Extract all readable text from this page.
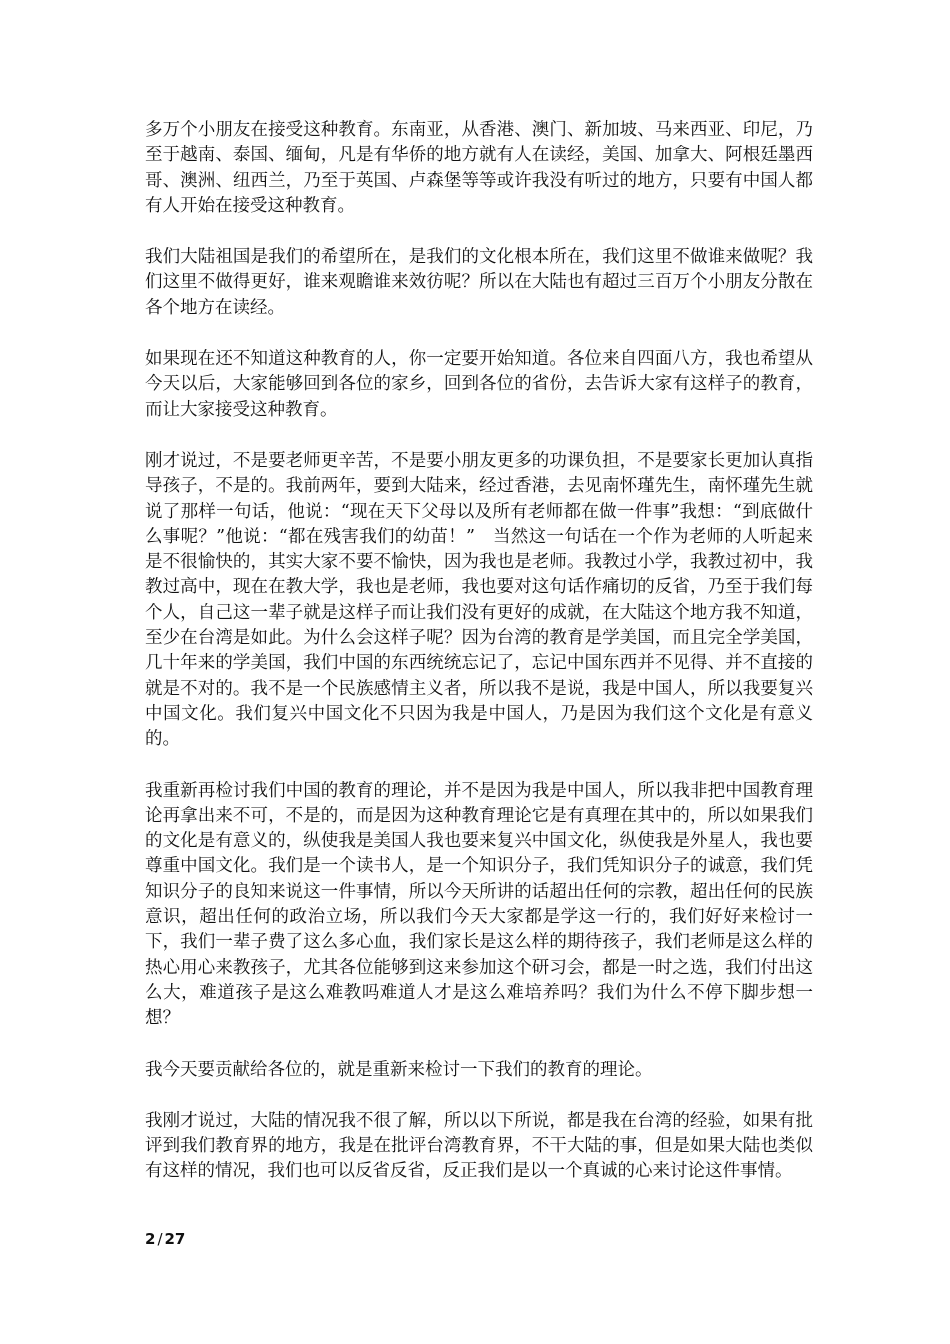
多万个小朋友在接受这种教育。东南亚，从香港、澳门、新加坡、马来西亚、印尼，乃至于越南、泰国、缅甸，凡是有华侨的地方就有人在读经，美国、加拿大、阿根廷墨西哥、澳洲、纽西兰，乃至于英国、卢森堡等等或许我没有听过的地方，只要有中国人都有人开始在接受这种教育。

我们大陆祖国是我们的希望所在，是我们的文化根本所在，我们这里不做谁来做呢？我们这里不做得更好，谁来观瞻谁来效彷呢？所以在大陆也有超过三百万个小朋友分散在各个地方在读经。

如果现在还不知道这种教育的人，你一定要开始知道。各位来自四面八方，我也希望从今天以后，大家能够回到各位的家乡，回到各位的省份，去告诉大家有这样子的教育，而让大家接受这种教育。

刚才说过，不是要老师更辛苦，不是要小朋友更多的功课负担，不是要家长更加认真指导孩子，不是的。我前两年，要到大陆来，经过香港，去见南怀瑾先生，南怀瑾先生就说了那样一句话，他说：“现在天下父母以及所有老师都在做一件事”我想：“到底做什么事呢？”他说：“都在残害我们的幼苗！”　当然这一句话在一个作为老师的人听起来是不很愉快的，其实大家不要不愉快，因为我也是老师。我教过小学，我教过初中，我教过高中，现在在教大学，我也是老师，我也要对这句话作痛切的反省，乃至于我们每个人，自己这一辈子就是这样子而让我们没有更好的成就，在大陆这个地方我不知道，至少在台湾是如此。为什么会这样子呢？因为台湾的教育是学美国，而且完全学美国，几十年来的学美国，我们中国的东西统统忘记了，忘记中国东西并不见得、并不直接的就是不对的。我不是一个民族感情主义者，所以我不是说，我是中国人，所以我要复兴中国文化。我们复兴中国文化不只因为我是中国人，乃是因为我们这个文化是有意义的。

我重新再检讨我们中国的教育的理论，并不是因为我是中国人，所以我非把中国教育理论再拿出来不可，不是的，而是因为这种教育理论它是有真理在其中的，所以如果我们的文化是有意义的，纵使我是美国人我也要来复兴中国文化，纵使我是外星人，我也要尊重中国文化。我们是一个读书人，是一个知识分子，我们凭知识分子的诚意，我们凭知识分子的良知来说这一件事情，所以今天所讲的话超出任何的宗教，超出任何的民族意识，超出任何的政治立场，所以我们今天大家都是学这一行的，我们好好来检讨一下，我们一辈子费了这么多心血，我们家长是这么样的期待孩子，我们老师是这么样的热心用心来教孩子，尤其各位能够到这来参加这个研习会，都是一时之选，我们付出这么大，难道孩子是这么难教吗难道人才是这么难培养吗？我们为什么不停下脚步想一想？

我今天要贡献给各位的，就是重新来检讨一下我们的教育的理论。

我刚才说过，大陆的情况我不很了解，所以以下所说，都是我在台湾的经验，如果有批评到我们教育界的地方，我是在批评台湾教育界，不干大陆的事，但是如果大陆也类似有这样的情况，我们也可以反省反省，反正我们是以一个真诚的心来讨论这件事情。

2 / 27
